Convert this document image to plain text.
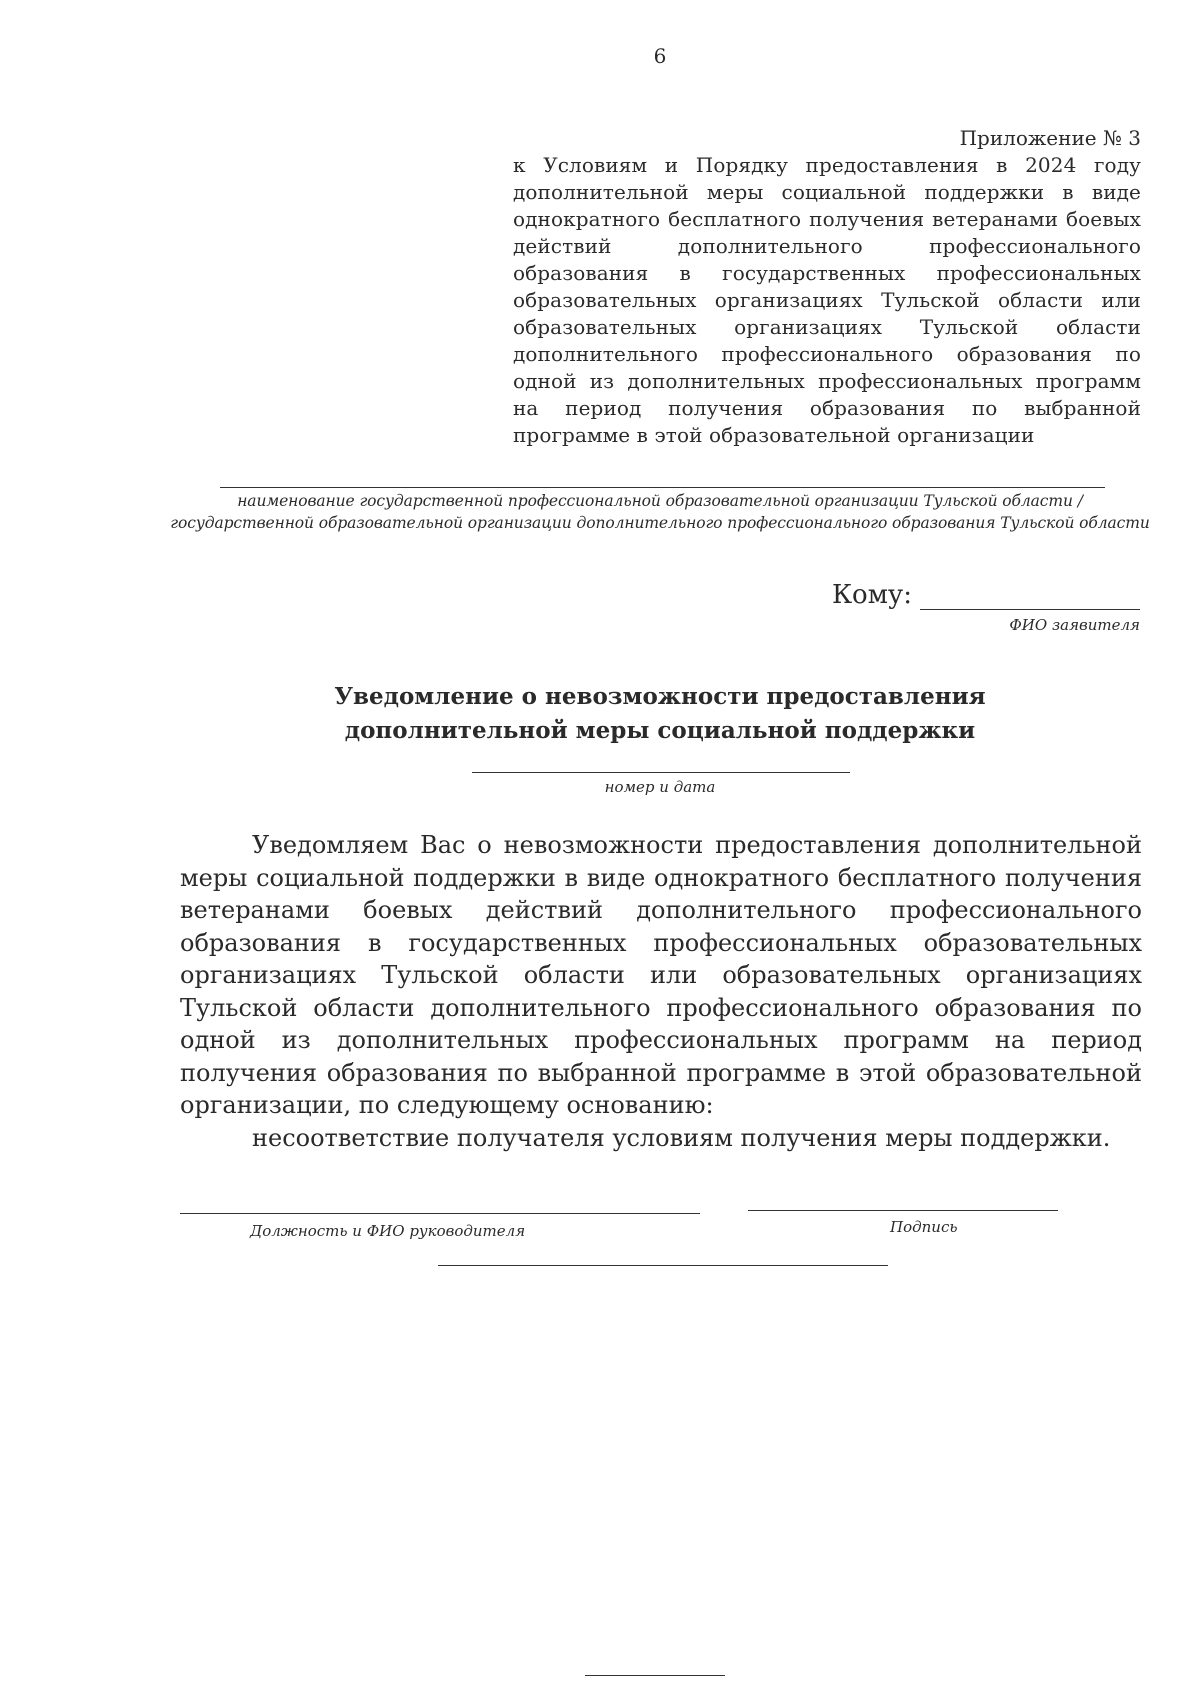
6
Приложение № 3
к Условиям и Порядку предоставления в 2024 году дополнительной меры социальной поддержки в виде однократного бесплатного получения ветеранами боевых действий дополнительного профессионального образования в государственных профессиональных образовательных организациях Тульской области или образовательных организациях Тульской области дополнительного профессионального образования по одной из дополнительных профессиональных программ на период получения образования по выбранной программе в этой образовательной организации
наименование государственной профессиональной образовательной организации Тульской области /
государственной образовательной организации дополнительного профессионального образования Тульской области
Кому:
ФИО заявителя
Уведомление о невозможности предоставления
дополнительной меры социальной поддержки
номер и дата

Уведомляем Вас о невозможности предоставления дополнительной меры социальной поддержки в виде однократного бесплатного получения ветеранами боевых действий дополнительного профессионального образования в государственных профессиональных образовательных организациях Тульской области или образовательных организациях Тульской области дополнительного профессионального образования по одной из дополнительных профессиональных программ на период получения образования по выбранной программе в этой образовательной организации, по следующему основанию:

несоответствие получателя условиям получения меры поддержки.

Должность и ФИО руководителя	Подпись
